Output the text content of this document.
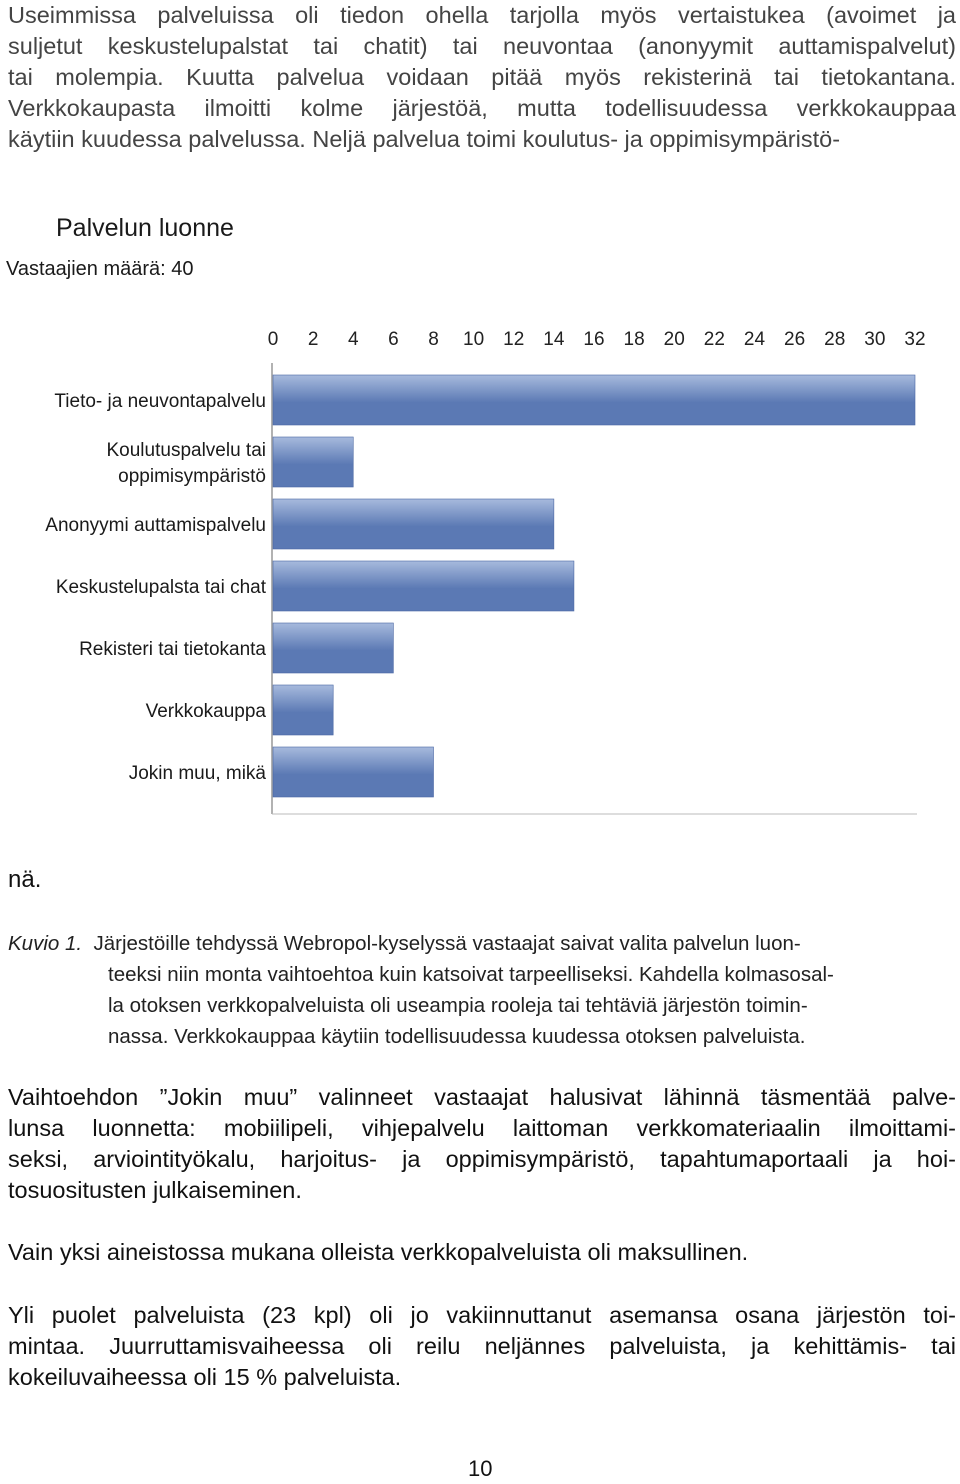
Useimmissa palveluissa oli tiedon ohella tarjolla myös vertaistukea (avoimet ja
suljetut keskustelupalstat tai chatit) tai neuvontaa (anonyymit auttamispalvelut)
tai molempia. Kuutta palvelua voidaan pitää myös rekisterinä tai tietokantana.
Verkkokaupasta ilmoitti kolme järjestöä, mutta todellisuudessa verkkokauppaa
käytiin kuudessa palvelussa. Neljä palvelua toimi koulutus- ja oppimisympäristö-
Palvelun luonne
Vastaajien määrä: 40
0 2 4 6 8 10 12 14 16 18 20 22 24 26 28 30 32
Tieto- ja neuvontapalvelu
Koulutuspalvelu tai
oppimisympäristö
Anonyymi auttamispalvelu
Keskustelupalsta tai chat
Rekisteri tai tietokanta
Verkkokauppa
Jokin muu, mikä
nä.
Kuvio 1. Järjestöille tehdyssä Webropol-kyselyssä vastaajat saivat valita palvelun luon-
teeksi niin monta vaihtoehtoa kuin katsoivat tarpeelliseksi. Kahdella kolmasosal-
la otoksen verkkopalveluista oli useampia rooleja tai tehtäviä järjestön toimin-
nassa. Verkkokauppaa käytiin todellisuudessa kuudessa otoksen palveluista.
Vaihtoehdon ”Jokin muu” valinneet vastaajat halusivat lähinnä täsmentää palve-
lunsa luonnetta: mobiilipeli, vihjepalvelu laittoman verkkomateriaalin ilmoittami-
seksi, arviointityökalu, harjoitus- ja oppimisympäristö, tapahtumaportaali ja hoi-
tosuositusten julkaiseminen.
Vain yksi aineistossa mukana olleista verkkopalveluista oli maksullinen.
Yli puolet palveluista (23 kpl) oli jo vakiinnuttanut asemansa osana järjestön toi-
mintaa. Juurruttamisvaiheessa oli reilu neljännes palveluista, ja kehittämis- tai
kokeiluvaiheessa oli 15 % palveluista.
10
